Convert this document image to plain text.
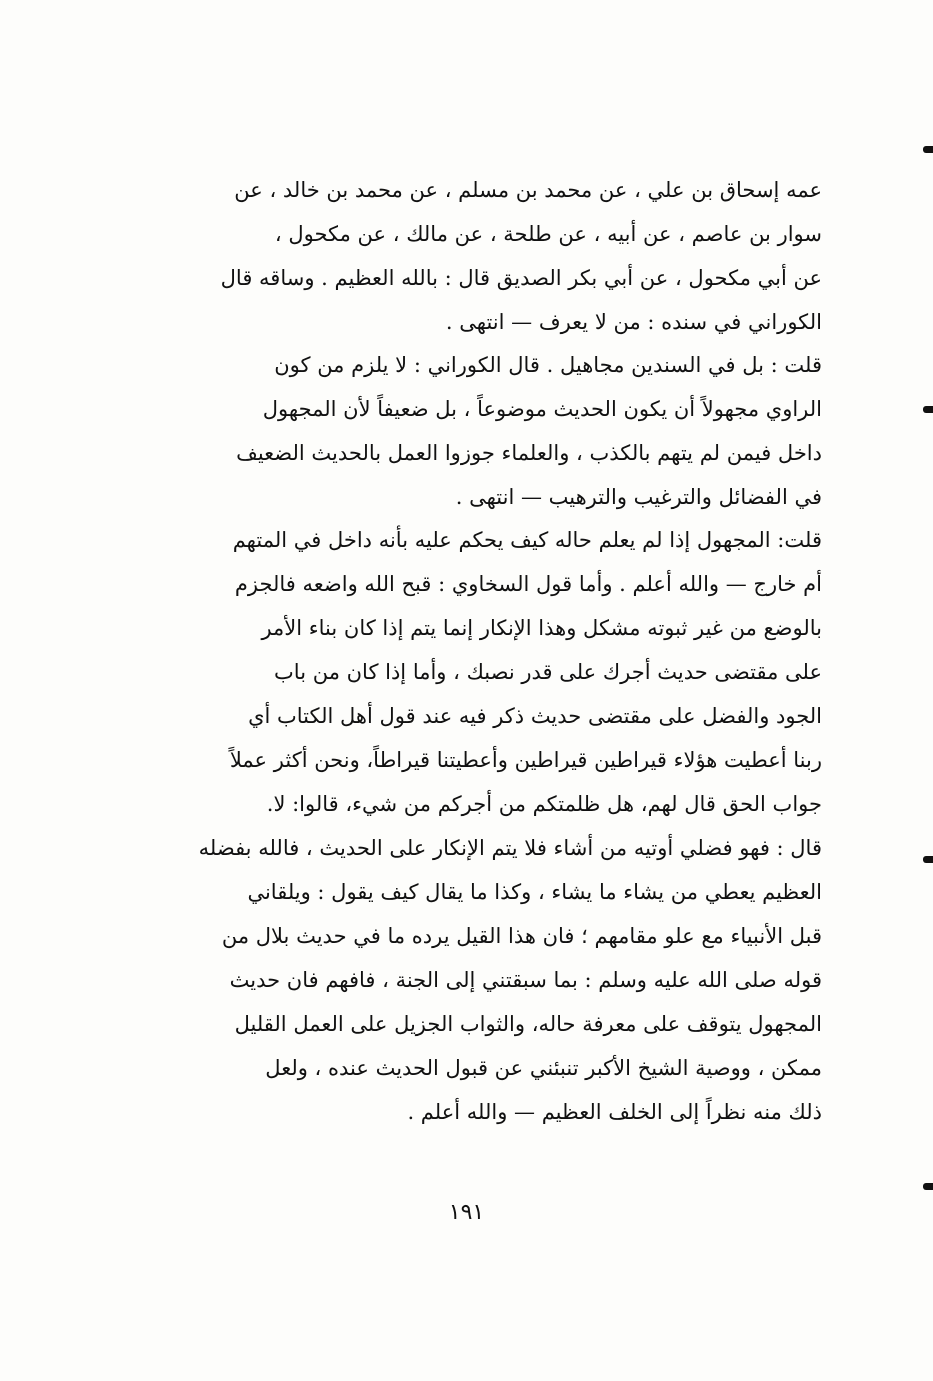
عمه إسحاق بن علي ، عن محمد بن مسلم ، عن محمد بن خالد ، عن
سوار بن عاصم ، عن أبيه ، عن طلحة ، عن مالك ، عن مكحول ،
عن أبي مكحول ، عن أبي بكر الصديق قال : بالله العظيم . وساقه قال
الكوراني في سنده : من لا يعرف — انتهى .
قلت : بل في السندين مجاهيل . قال الكوراني : لا يلزم من كون
الراوي مجهولاً أن يكون الحديث موضوعاً ، بل ضعيفاً لأن المجهول
داخل فيمن لم يتهم بالكذب ، والعلماء جوزوا العمل بالحديث الضعيف
في الفضائل والترغيب والترهيب — انتهى .
قلت: المجهول إذا لم يعلم حاله كيف يحكم عليه بأنه داخل في المتهم
أم خارج — والله أعلم . وأما قول السخاوي : قبح الله واضعه فالجزم
بالوضع من غير ثبوته مشكل وهذا الإنكار إنما يتم إذا كان بناء الأمر
على مقتضى حديث أجرك على قدر نصبك ، وأما إذا كان من باب
الجود والفضل على مقتضى حديث ذكر فيه عند قول أهل الكتاب أي
ربنا أعطيت هؤلاء قيراطين قيراطين وأعطيتنا قيراطاً، ونحن أكثر عملاً
جواب الحق قال لهم، هل ظلمتكم من أجركم من شيء، قالوا: لا.
قال : فهو فضلي أوتيه من أشاء فلا يتم الإنكار على الحديث ، فالله بفضله
العظيم يعطي من يشاء ما يشاء ، وكذا ما يقال كيف يقول : ويلقاني
قبل الأنبياء مع علو مقامهم ؛ فان هذا القيل يرده ما في حديث بلال من
قوله صلى الله عليه وسلم : بما سبقتني إلى الجنة ، فافهم فان حديث
المجهول يتوقف على معرفة حاله، والثواب الجزيل على العمل القليل
ممكن ، ووصية الشيخ الأكبر تنبئني عن قبول الحديث عنده ، ولعل
ذلك منه نظراً إلى الخلف العظيم — والله أعلم .
١٩١
